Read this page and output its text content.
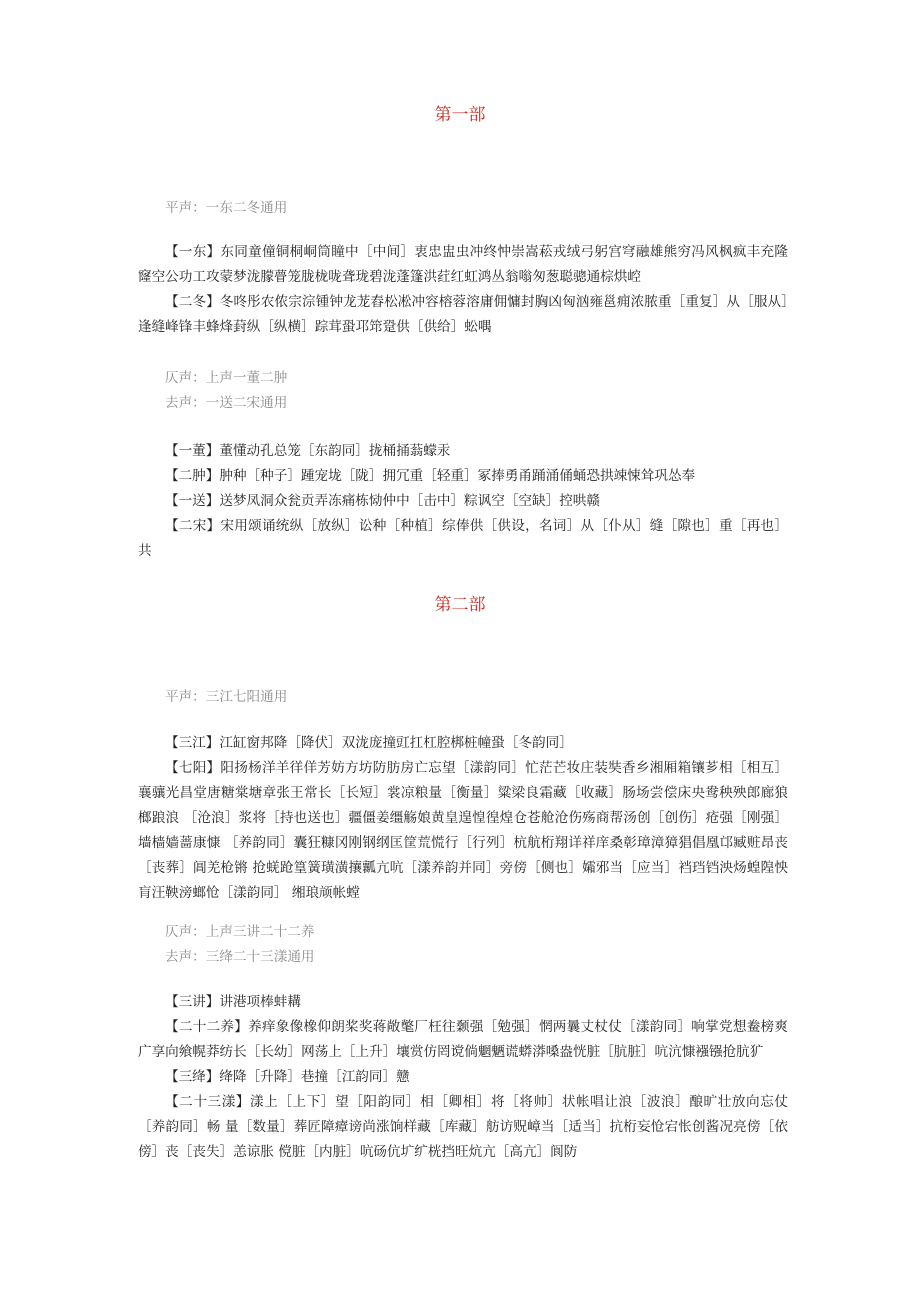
第一部
平声：一东二冬通用
【一东】东同童僮铜桐峒筒瞳中［中间］衷忠盅虫冲终忡崇嵩菘戎绒弓躬宫穹融雄熊穷冯风枫疯丰充隆 窿空公功工攻蒙梦泷朦瞢笼胧栊咙聋珑碧泷蓬篷洪荭红虹鸿丛翁嗡匆葱聪骢通棕烘崆
【二冬】冬咚彤农侬宗淙锺钟龙茏舂松凇冲容榕蓉溶庸佣慵封胸凶匈汹雍邕痈浓脓重［重复］从［服从］逢缝峰锋丰蜂烽葑纵［纵横］踪茸蛩邛筇跫供［供给］蚣喁
仄声：上声一董二肿
去声：一送二宋通用
【一董】董懂动孔总笼［东韵同］拢桶捅蓊蠓汞
【二肿】肿种［种子］踵宠垅［陇］拥冗重［轻重］冢捧勇甬踊涌俑蛹恐拱竦悚耸巩怂奉
【一送】送梦凤洞众瓮贡弄冻痛栋恸仲中［击中］粽讽空［空缺］控哄赣
【二宋】宋用颂诵统纵［放纵］讼种［种植］综俸供［供设，名词］从［仆从］缝［隙也］重［再也］共
第二部
平声：三江七阳通用
【三江】江缸窗邦降［降伏］双泷庞撞豇扛杠腔梆桩幢蛩［冬韵同］
【七阳】阳扬杨洋羊徉佯芳妨方坊防肪房亡忘望［漾韵同］忙茫芒妆庄装奘香乡湘厢箱镶芗相［相互］襄骧光昌堂唐糖棠塘章张王常长［长短］裳凉粮量［衡量］粱梁良霜藏［收藏］肠场尝偿床央鸯秧殃郎廊狼榔踉浪 ［沧浪］浆将［持也送也］疆僵姜缰觞娘黄皇遑惶徨煌仓苍舱沧伤殇商帮汤创［创伤］疮强［刚强］墙樯嫱蔷康慷 ［养韵同］囊狂糠冈刚钢纲匡筐荒慌行［行列］杭航桁翔详祥庠桑彰璋漳獐猖倡凰邙臧赃昂丧［丧葬］阊羌枪锵 抢蜣跄篁簧璜潢攘瓤亢吭［漾养韵并同］旁傍［侧也］孀邪当［应当］裆珰铛泱炀蝗隍怏肓汪鞅滂螂怆［漾韵同］ 缃琅颃帐螳
仄声：上声三讲二十二养
去声：三绛二十三漾通用
【三讲】讲港项棒蚌耩
【二十二养】养痒象像橡仰朗桨奖蒋敞氅厂枉往颡强［勉强］惘两曩丈杖仗［漾韵同］响掌党想鲞榜爽广享向飨幌莽纺长［长幼］网荡上［上升］壤赏仿罔谠倘魍魉谎蟒漭嗓盎恍脏［肮脏］吭沆慷襁镪抢肮犷
【三绛】绛降［升降］巷撞［江韵同］戆
【二十三漾】漾上［上下］望［阳韵同］相［卿相］将［将帅］状帐唱让浪［波浪］酿旷壮放向忘仗［养韵同］畅 量［数量］葬匠障瘴谤尚涨饷样藏［库藏］舫访贶嶂当［适当］抗桁妄怆宕怅创酱况亮傍［依傍］丧［丧失］恙谅胀 傥脏［内脏］吭砀伉圹纩桄挡旺炕亢［高亢］阆防
